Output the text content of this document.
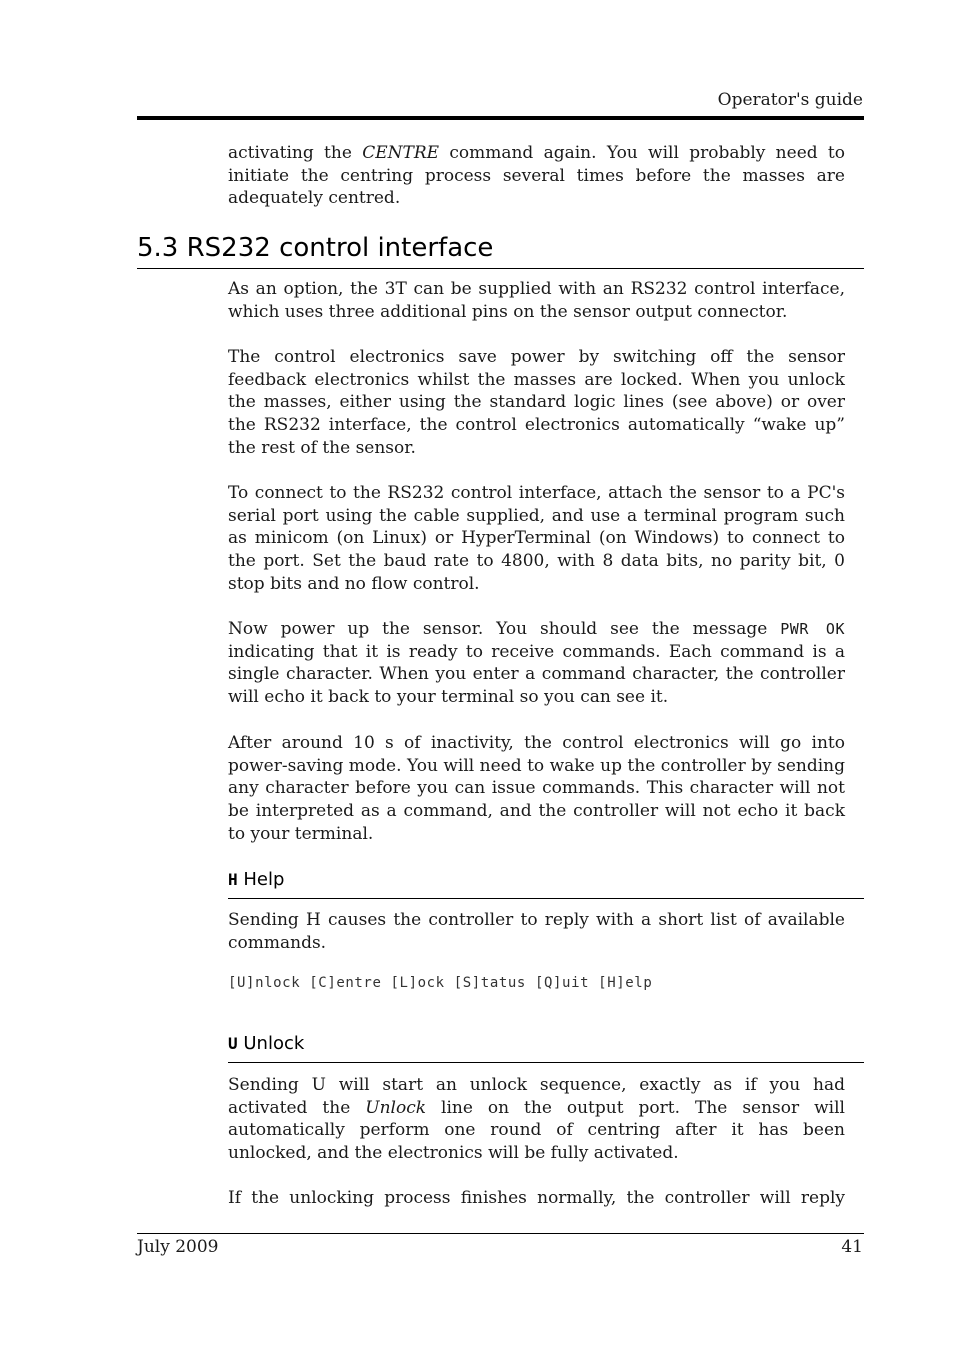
Operator's guide

activating the CENTRE command again. You will probably need to initiate the centring process several times before the masses are adequately centred.

5.3 RS232 control interface

As an option, the 3T can be supplied with an RS232 control interface, which uses three additional pins on the sensor output connector.

The control electronics save power by switching off the sensor feedback electronics whilst the masses are locked. When you unlock the masses, either using the standard logic lines (see above) or over the RS232 interface, the control electronics automatically “wake up” the rest of the sensor.

To connect to the RS232 control interface, attach the sensor to a PC's serial port using the cable supplied, and use a terminal program such as minicom (on Linux) or HyperTerminal (on Windows) to connect to the port. Set the baud rate to 4800, with 8 data bits, no parity bit, 0 stop bits and no flow control.

Now power up the sensor. You should see the message PWR OK indicating that it is ready to receive commands. Each command is a single character. When you enter a command character, the controller will echo it back to your terminal so you can see it.

After around 10 s of inactivity, the control electronics will go into power-saving mode. You will need to wake up the controller by sending any character before you can issue commands. This character will not be interpreted as a command, and the controller will not echo it back to your terminal.

H Help

Sending H causes the controller to reply with a short list of available commands.

[U]nlock [C]entre [L]ock [S]tatus [Q]uit [H]elp
U Unlock

Sending U will start an unlock sequence, exactly as if you had activated the Unlock line on the output port. The sensor will automatically perform one round of centring after it has been unlocked, and the electronics will be fully activated.

If the unlocking process finishes normally, the controller will reply

July 2009	41
